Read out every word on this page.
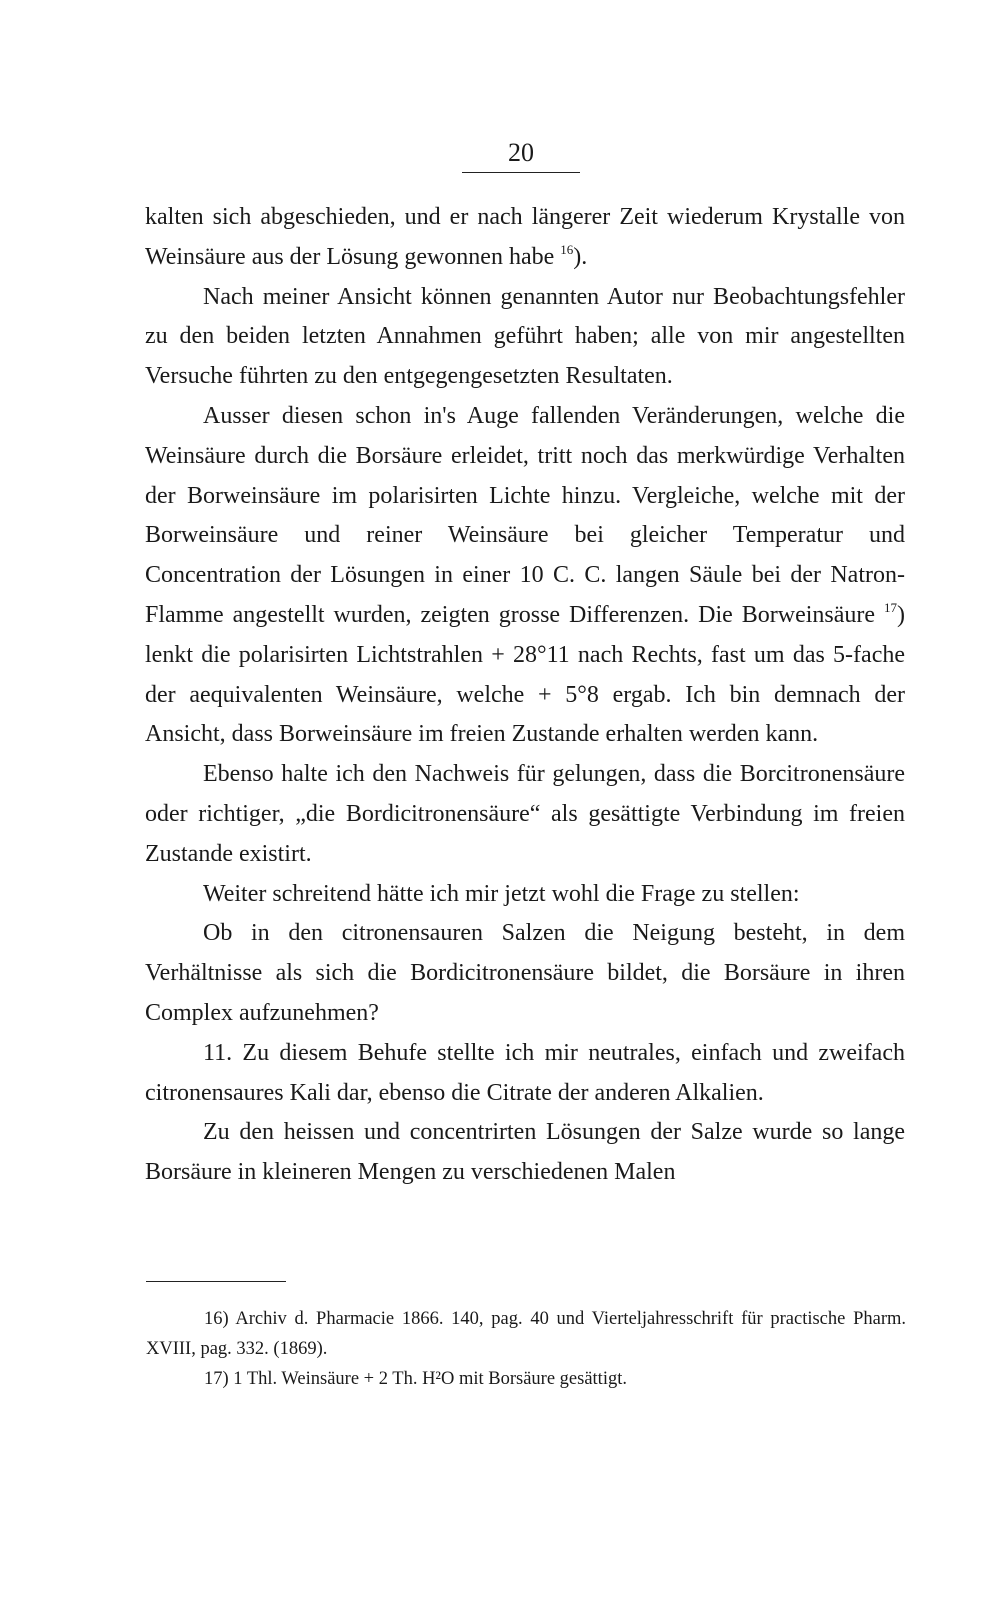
20

kalten sich abgeschieden, und er nach längerer Zeit wiederum Krystalle von Weinsäure aus der Lösung gewonnen habe $^{16}$).

Nach meiner Ansicht können genannten Autor nur Beobachtungsfehler zu den beiden letzten Annahmen geführt haben; alle von mir angestellten Versuche führten zu den entgegengesetzten Resultaten.

Ausser diesen schon in's Auge fallenden Veränderungen, welche die Weinsäure durch die Borsäure erleidet, tritt noch das merkwürdige Verhalten der Borweinsäure im polarisirten Lichte hinzu. Vergleiche, welche mit der Borweinsäure und reiner Weinsäure bei gleicher Temperatur und Concentration der Lösungen in einer 10 C. C. langen Säule bei der Natron-Flamme angestellt wurden, zeigten grosse Differenzen. Die Borweinsäure $^{17}$) lenkt die polarisirten Lichtstrahlen + 28°11 nach Rechts, fast um das 5-fache der aequivalenten Weinsäure, welche + 5°8 ergab. Ich bin demnach der Ansicht, dass Borweinsäure im freien Zustande erhalten werden kann.

Ebenso halte ich den Nachweis für gelungen, dass die Borcitronensäure oder richtiger, „die Bordicitronensäure“ als gesättigte Verbindung im freien Zustande existirt.

Weiter schreitend hätte ich mir jetzt wohl die Frage zu stellen:

Ob in den citronensauren Salzen die Neigung besteht, in dem Verhältnisse als sich die Bordicitronensäure bildet, die Borsäure in ihren Complex aufzunehmen?

11. Zu diesem Behufe stellte ich mir neutrales, einfach und zweifach citronensaures Kali dar, ebenso die Citrate der anderen Alkalien.

Zu den heissen und concentrirten Lösungen der Salze wurde so lange Borsäure in kleineren Mengen zu verschiedenen Malen

16) Archiv d. Pharmacie 1866. 140, pag. 40 und Vierteljahresschrift für practische Pharm. XVIII, pag. 332. (1869).

17) 1 Thl. Weinsäure + 2 Th. H²O mit Borsäure gesättigt.
